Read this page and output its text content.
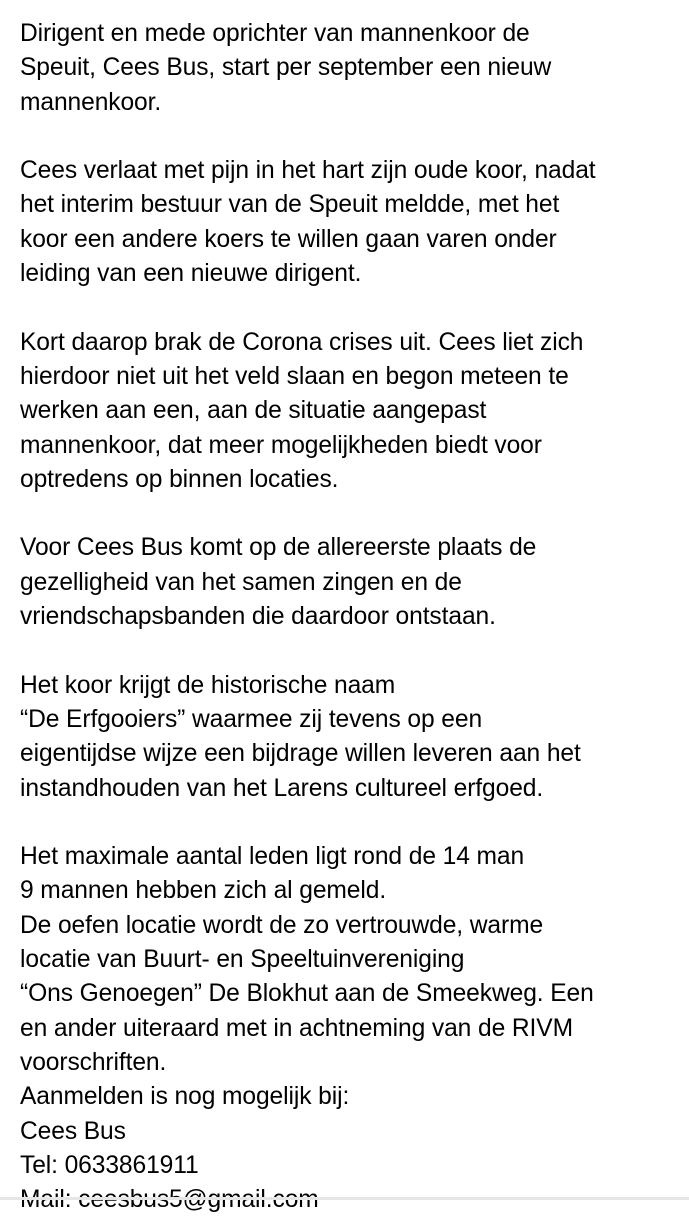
Dirigent en mede oprichter van mannenkoor de
Speuit, Cees Bus, start per september een nieuw
mannenkoor.
Cees verlaat met pijn in het hart zijn oude koor, nadat
het interim bestuur van de Speuit meldde, met het
koor een andere koers te willen gaan varen onder
leiding van een nieuwe dirigent.
Kort daarop brak de Corona crises uit. Cees liet zich
hierdoor niet uit het veld slaan en begon meteen te
werken aan een, aan de situatie aangepast
mannenkoor, dat meer mogelijkheden biedt voor
optredens op binnen locaties.
Voor Cees Bus komt op de allereerste plaats de
gezelligheid van het samen zingen en de
vriendschapsbanden die daardoor ontstaan.
Het koor krijgt de historische naam
“De Erfgooiers” waarmee zij tevens op een
eigentijdse wijze een bijdrage willen leveren aan het
instandhouden van het Larens cultureel erfgoed.
Het maximale aantal leden ligt rond de 14 man
9 mannen hebben zich al gemeld.
De oefen locatie wordt de zo vertrouwde, warme
locatie van Buurt- en Speeltuinvereniging
“Ons Genoegen” De Blokhut aan de Smeekweg. Een
en ander uiteraard met in achtneming van de RIVM
voorschriften.
Aanmelden is nog mogelijk bij:
Cees Bus
Tel: 0633861911
